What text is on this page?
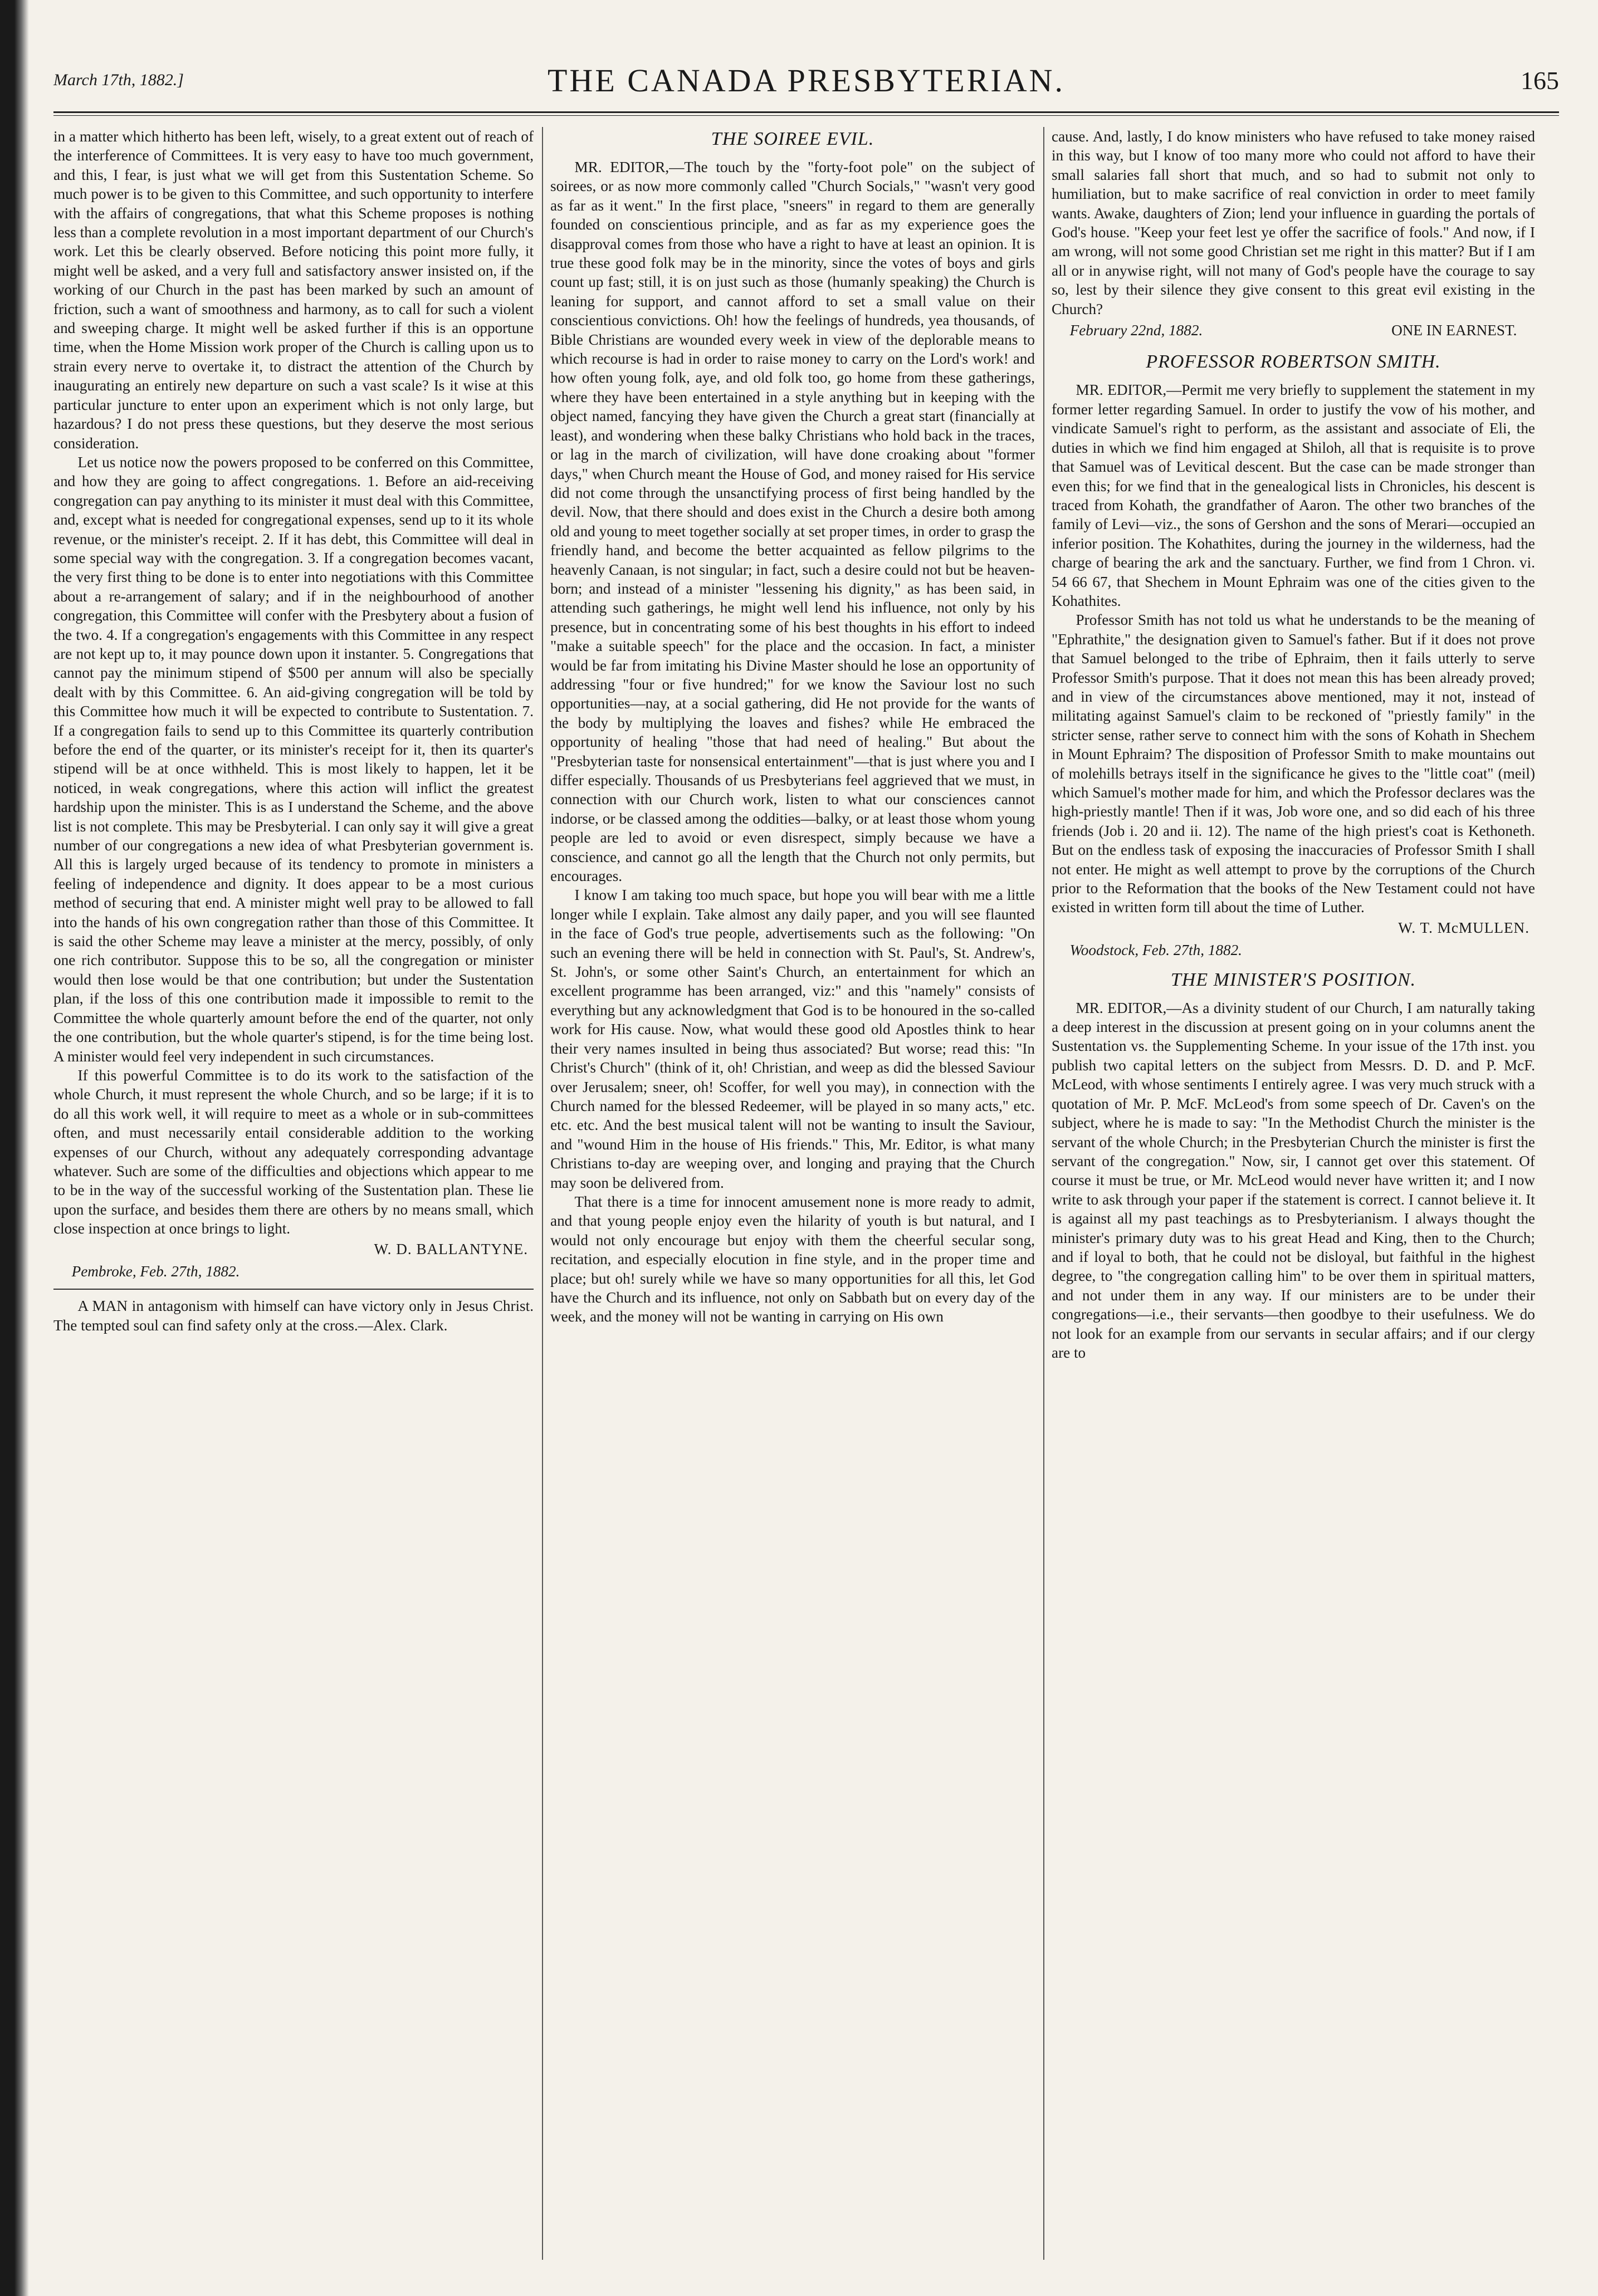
March 17th, 1882.]	THE CANADA PRESBYTERIAN.	165

in a matter which hitherto has been left, wisely, to a great extent out of reach of the interference of Committees. It is very easy to have too much government, and this, I fear, is just what we will get from this Sustentation Scheme. So much power is to be given to this Committee, and such opportunity to interfere with the affairs of congregations, that what this Scheme proposes is nothing less than a complete revolution in a most important department of our Church's work. Let this be clearly observed. Before noticing this point more fully, it might well be asked, and a very full and satisfactory answer insisted on, if the working of our Church in the past has been marked by such an amount of friction, such a want of smoothness and harmony, as to call for such a violent and sweeping charge. It might well be asked further if this is an opportune time, when the Home Mission work proper of the Church is calling upon us to strain every nerve to overtake it, to distract the attention of the Church by inaugurating an entirely new departure on such a vast scale? Is it wise at this particular juncture to enter upon an experiment which is not only large, but hazardous? I do not press these questions, but they deserve the most serious consideration.

Let us notice now the powers proposed to be conferred on this Committee, and how they are going to affect congregations. 1. Before an aid-receiving congregation can pay anything to its minister it must deal with this Committee, and, except what is needed for congregational expenses, send up to it its whole revenue, or the minister's receipt. 2. If it has debt, this Committee will deal in some special way with the congregation. 3. If a congregation becomes vacant, the very first thing to be done is to enter into negotiations with this Committee about a re-arrangement of salary; and if in the neighbourhood of another congregation, this Committee will confer with the Presbytery about a fusion of the two. 4. If a congregation's engagements with this Committee in any respect are not kept up to, it may pounce down upon it instanter. 5. Congregations that cannot pay the minimum stipend of $500 per annum will also be specially dealt with by this Committee. 6. An aid-giving congregation will be told by this Committee how much it will be expected to contribute to Sustentation. 7. If a congregation fails to send up to this Committee its quarterly contribution before the end of the quarter, or its minister's receipt for it, then its quarter's stipend will be at once withheld. This is most likely to happen, let it be noticed, in weak congregations, where this action will inflict the greatest hardship upon the minister. This is as I understand the Scheme, and the above list is not complete. This may be Presbyterial. I can only say it will give a great number of our congregations a new idea of what Presbyterian government is. All this is largely urged because of its tendency to promote in ministers a feeling of independence and dignity. It does appear to be a most curious method of securing that end. A minister might well pray to be allowed to fall into the hands of his own congregation rather than those of this Committee. It is said the other Scheme may leave a minister at the mercy, possibly, of only one rich contributor. Suppose this to be so, all the congregation or minister would then lose would be that one contribution; but under the Sustentation plan, if the loss of this one contribution made it impossible to remit to the Committee the whole quarterly amount before the end of the quarter, not only the one contribution, but the whole quarter's stipend, is for the time being lost. A minister would feel very independent in such circumstances.

If this powerful Committee is to do its work to the satisfaction of the whole Church, it must represent the whole Church, and so be large; if it is to do all this work well, it will require to meet as a whole or in sub-committees often, and must necessarily entail considerable addition to the working expenses of our Church, without any adequately corresponding advantage whatever. Such are some of the difficulties and objections which appear to me to be in the way of the successful working of the Sustentation plan. These lie upon the surface, and besides them there are others by no means small, which close inspection at once brings to light.

W. D. BALLANTYNE.
Pembroke, Feb. 27th, 1882.

A MAN in antagonism with himself can have victory only in Jesus Christ. The tempted soul can find safety only at the cross.—Alex. Clark.

THE SOIREE EVIL.

MR. EDITOR,—The touch by the "forty-foot pole" on the subject of soirees, or as now more commonly called "Church Socials," "wasn't very good as far as it went." In the first place, "sneers" in regard to them are generally founded on conscientious principle, and as far as my experience goes the disapproval comes from those who have a right to have at least an opinion. It is true these good folk may be in the minority, since the votes of boys and girls count up fast; still, it is on just such as those (humanly speaking) the Church is leaning for support, and cannot afford to set a small value on their conscientious convictions. Oh! how the feelings of hundreds, yea thousands, of Bible Christians are wounded every week in view of the deplorable means to which recourse is had in order to raise money to carry on the Lord's work! and how often young folk, aye, and old folk too, go home from these gatherings, where they have been entertained in a style anything but in keeping with the object named, fancying they have given the Church a great start (financially at least), and wondering when these balky Christians who hold back in the traces, or lag in the march of civilization, will have done croaking about "former days," when Church meant the House of God, and money raised for His service did not come through the unsanctifying process of first being handled by the devil. Now, that there should and does exist in the Church a desire both among old and young to meet together socially at set proper times, in order to grasp the friendly hand, and become the better acquainted as fellow pilgrims to the heavenly Canaan, is not singular; in fact, such a desire could not but be heaven-born; and instead of a minister "lessening his dignity," as has been said, in attending such gatherings, he might well lend his influence, not only by his presence, but in concentrating some of his best thoughts in his effort to indeed "make a suitable speech" for the place and the occasion. In fact, a minister would be far from imitating his Divine Master should he lose an opportunity of addressing "four or five hundred;" for we know the Saviour lost no such opportunities—nay, at a social gathering, did He not provide for the wants of the body by multiplying the loaves and fishes? while He embraced the opportunity of healing "those that had need of healing." But about the "Presbyterian taste for nonsensical entertainment"—that is just where you and I differ especially. Thousands of us Presbyterians feel aggrieved that we must, in connection with our Church work, listen to what our consciences cannot indorse, or be classed among the oddities—balky, or at least those whom young people are led to avoid or even disrespect, simply because we have a conscience, and cannot go all the length that the Church not only permits, but encourages.

I know I am taking too much space, but hope you will bear with me a little longer while I explain. Take almost any daily paper, and you will see flaunted in the face of God's true people, advertisements such as the following: "On such an evening there will be held in connection with St. Paul's, St. Andrew's, St. John's, or some other Saint's Church, an entertainment for which an excellent programme has been arranged, viz:" and this "namely" consists of everything but any acknowledgment that God is to be honoured in the so-called work for His cause. Now, what would these good old Apostles think to hear their very names insulted in being thus associated? But worse; read this: "In Christ's Church" (think of it, oh! Christian, and weep as did the blessed Saviour over Jerusalem; sneer, oh! Scoffer, for well you may), in connection with the Church named for the blessed Redeemer, will be played in so many acts," etc. etc. etc. And the best musical talent will not be wanting to insult the Saviour, and "wound Him in the house of His friends." This, Mr. Editor, is what many Christians to-day are weeping over, and longing and praying that the Church may soon be delivered from.

That there is a time for innocent amusement none is more ready to admit, and that young people enjoy even the hilarity of youth is but natural, and I would not only encourage but enjoy with them the cheerful secular song, recitation, and especially elocution in fine style, and in the proper time and place; but oh! surely while we have so many opportunities for all this, let God have the Church and its influence, not only on Sabbath but on every day of the week, and the money will not be wanting in carrying on His own

cause. And, lastly, I do know ministers who have refused to take money raised in this way, but I know of too many more who could not afford to have their small salaries fall short that much, and so had to submit not only to humiliation, but to make sacrifice of real conviction in order to meet family wants. Awake, daughters of Zion; lend your influence in guarding the portals of God's house. "Keep your feet lest ye offer the sacrifice of fools." And now, if I am wrong, will not some good Christian set me right in this matter? But if I am all or in anywise right, will not many of God's people have the courage to say so, lest by their silence they give consent to this great evil existing in the Church?

February 22nd, 1882.	ONE IN EARNEST.
PROFESSOR ROBERTSON SMITH.

MR. EDITOR,—Permit me very briefly to supplement the statement in my former letter regarding Samuel. In order to justify the vow of his mother, and vindicate Samuel's right to perform, as the assistant and associate of Eli, the duties in which we find him engaged at Shiloh, all that is requisite is to prove that Samuel was of Levitical descent. But the case can be made stronger than even this; for we find that in the genealogical lists in Chronicles, his descent is traced from Kohath, the grandfather of Aaron. The other two branches of the family of Levi—viz., the sons of Gershon and the sons of Merari—occupied an inferior position. The Kohathites, during the journey in the wilderness, had the charge of bearing the ark and the sanctuary. Further, we find from 1 Chron. vi. 54 66 67, that Shechem in Mount Ephraim was one of the cities given to the Kohathites.

Professor Smith has not told us what he understands to be the meaning of "Ephrathite," the designation given to Samuel's father. But if it does not prove that Samuel belonged to the tribe of Ephraim, then it fails utterly to serve Professor Smith's purpose. That it does not mean this has been already proved; and in view of the circumstances above mentioned, may it not, instead of militating against Samuel's claim to be reckoned of "priestly family" in the stricter sense, rather serve to connect him with the sons of Kohath in Shechem in Mount Ephraim? The disposition of Professor Smith to make mountains out of molehills betrays itself in the significance he gives to the "little coat" (meil) which Samuel's mother made for him, and which the Professor declares was the high-priestly mantle! Then if it was, Job wore one, and so did each of his three friends (Job i. 20 and ii. 12). The name of the high priest's coat is Kethoneth. But on the endless task of exposing the inaccuracies of Professor Smith I shall not enter. He might as well attempt to prove by the corruptions of the Church prior to the Reformation that the books of the New Testament could not have existed in written form till about the time of Luther.

W. T. McMULLEN.
Woodstock, Feb. 27th, 1882.
THE MINISTER'S POSITION.

MR. EDITOR,—As a divinity student of our Church, I am naturally taking a deep interest in the discussion at present going on in your columns anent the Sustentation vs. the Supplementing Scheme. In your issue of the 17th inst. you publish two capital letters on the subject from Messrs. D. D. and P. McF. McLeod, with whose sentiments I entirely agree. I was very much struck with a quotation of Mr. P. McF. McLeod's from some speech of Dr. Caven's on the subject, where he is made to say: "In the Methodist Church the minister is the servant of the whole Church; in the Presbyterian Church the minister is first the servant of the congregation." Now, sir, I cannot get over this statement. Of course it must be true, or Mr. McLeod would never have written it; and I now write to ask through your paper if the statement is correct. I cannot believe it. It is against all my past teachings as to Presbyterianism. I always thought the minister's primary duty was to his great Head and King, then to the Church; and if loyal to both, that he could not be disloyal, but faithful in the highest degree, to "the congregation calling him" to be over them in spiritual matters, and not under them in any way. If our ministers are to be under their congregations—i.e., their servants—then goodbye to their usefulness. We do not look for an example from our servants in secular affairs; and if our clergy are to
